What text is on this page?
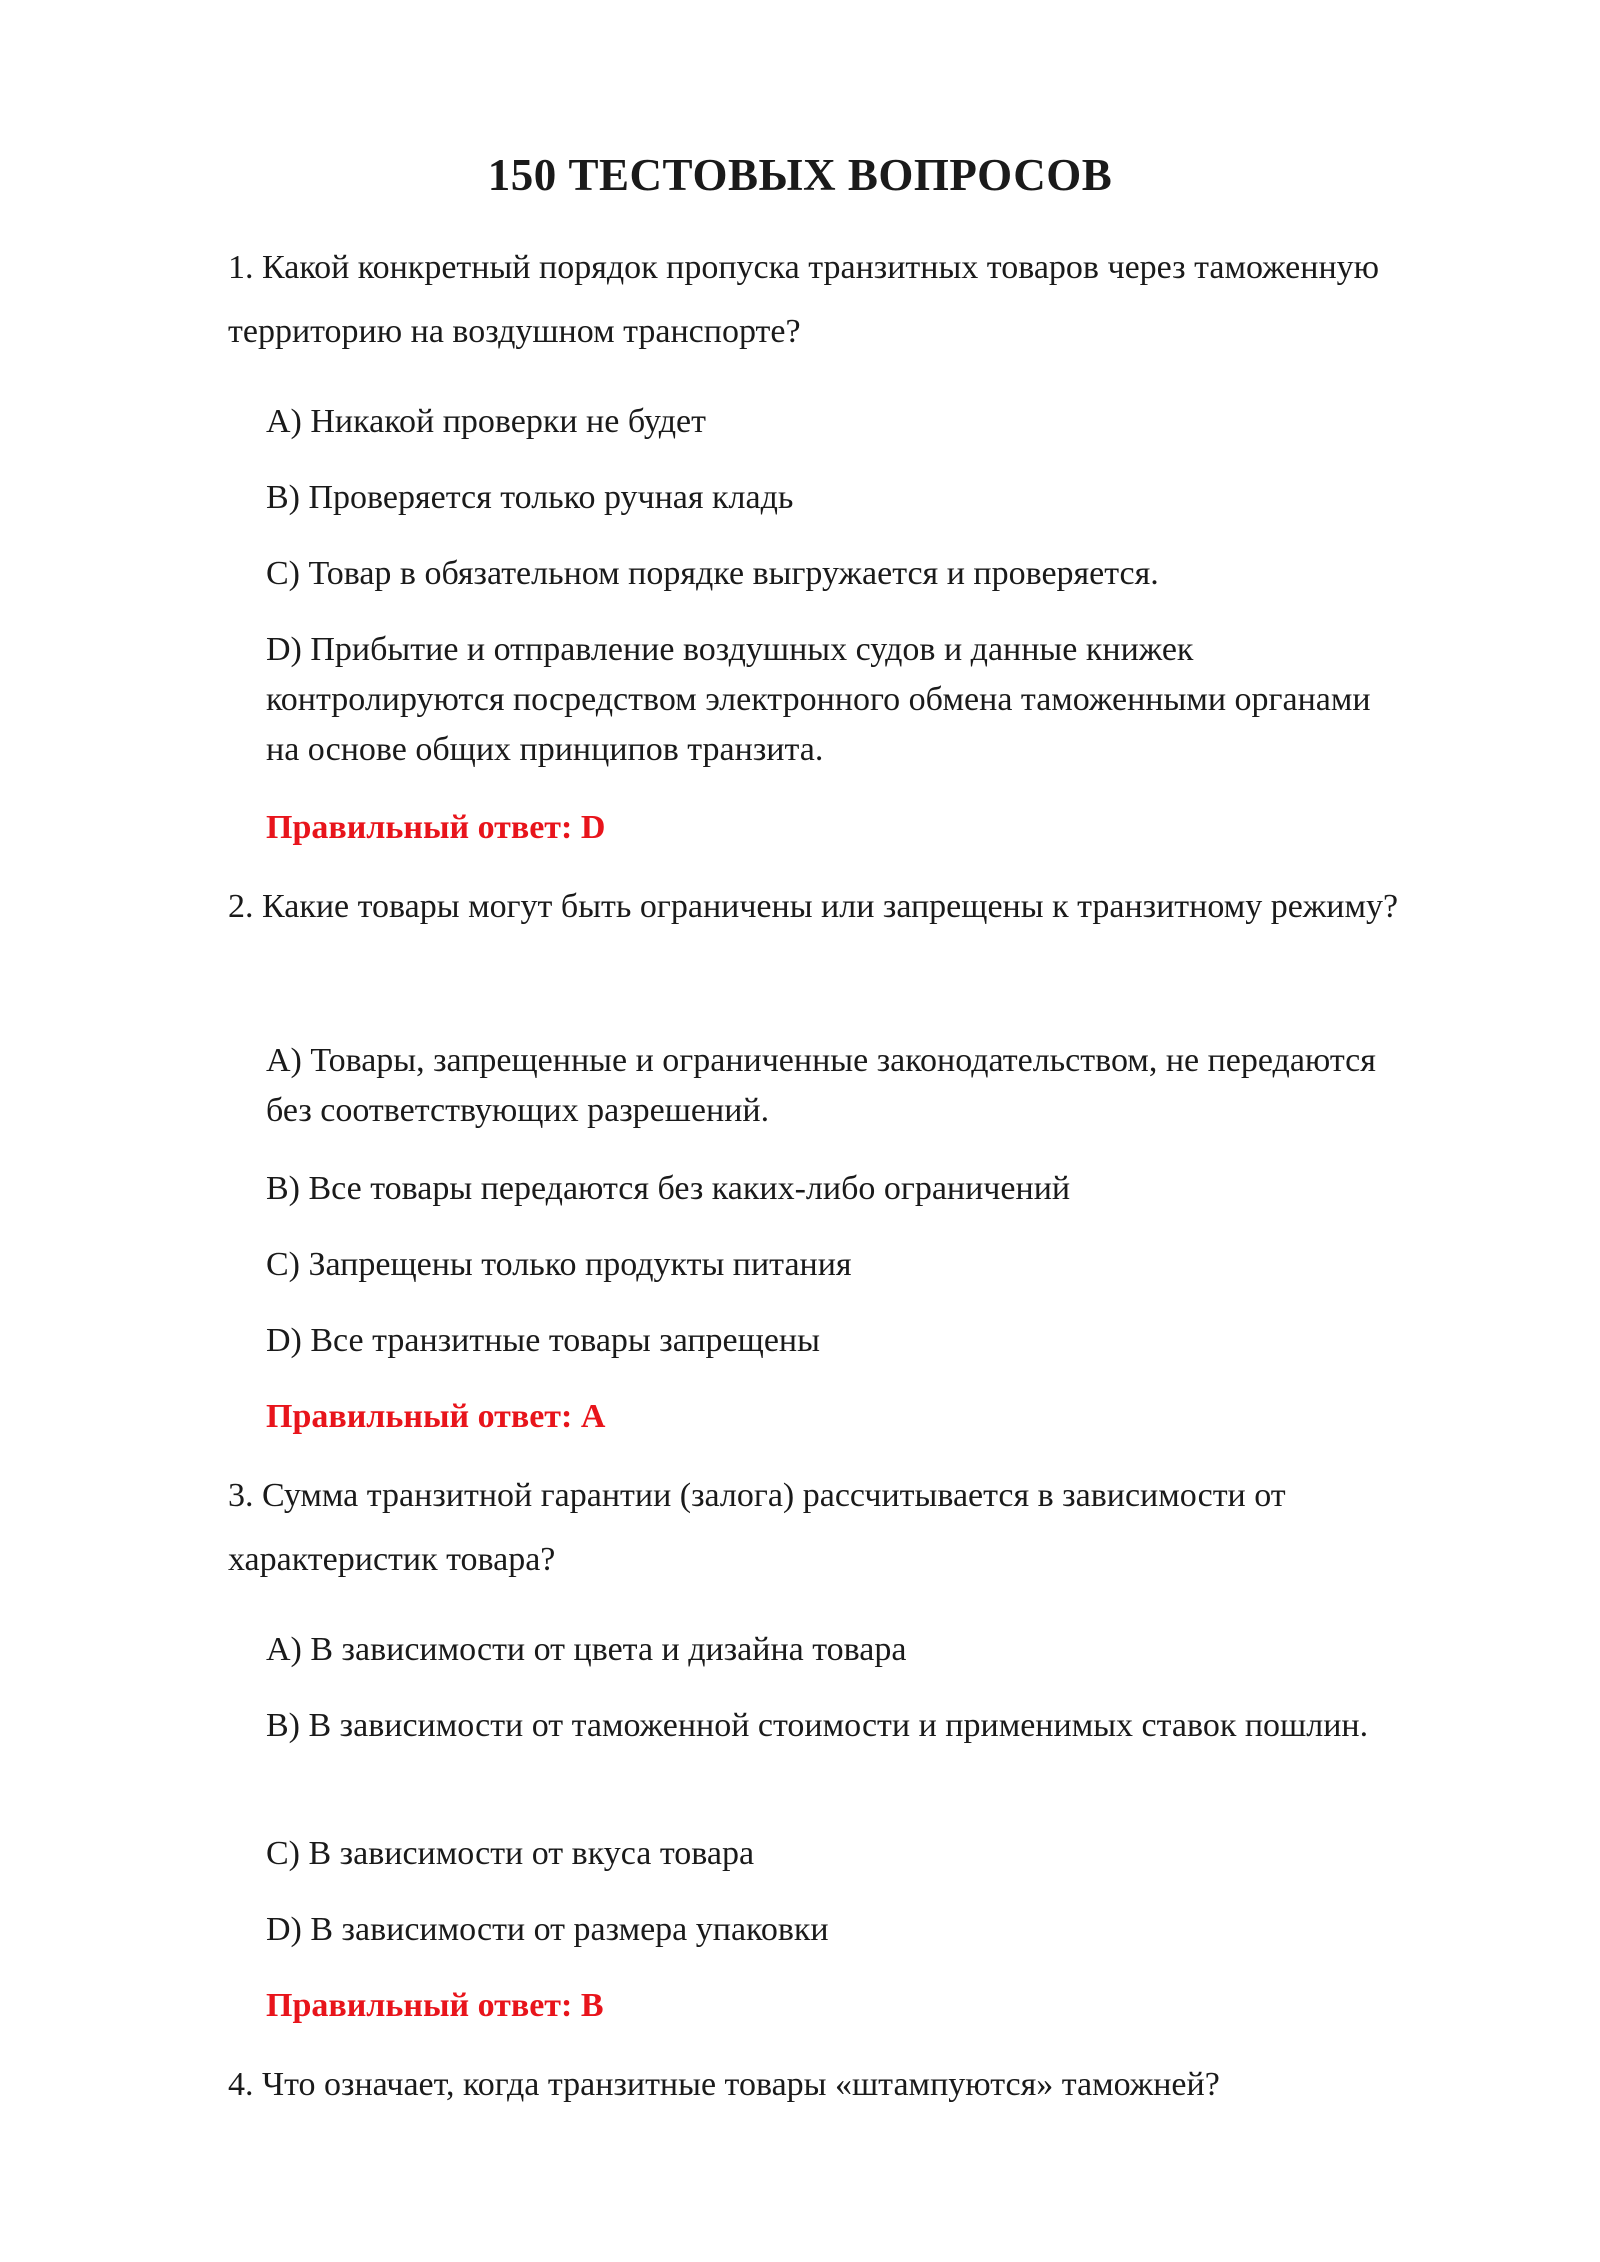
150 ТЕСТОВЫХ ВОПРОСОВ
1. Какой конкретный порядок пропуска транзитных товаров через таможенную территорию на воздушном транспорте?
A) Никакой проверки не будет
B) Проверяется только ручная кладь
C) Товар в обязательном порядке выгружается и проверяется.
D) Прибытие и отправление воздушных судов и данные книжек контролируются посредством электронного обмена таможенными органами на основе общих принципов транзита.
Правильный ответ: D
2. Какие товары могут быть ограничены или запрещены к транзитному режиму?
A) Товары, запрещенные и ограниченные законодательством, не передаются без соответствующих разрешений.
B) Все товары передаются без каких-либо ограничений
C) Запрещены только продукты питания
D) Все транзитные товары запрещены
Правильный ответ: A
3. Сумма транзитной гарантии (залога) рассчитывается в зависимости от характеристик товара?
A) В зависимости от цвета и дизайна товара
B) В зависимости от таможенной стоимости и применимых ставок пошлин.
C) В зависимости от вкуса товара
D) В зависимости от размера упаковки
Правильный ответ: B
4. Что означает, когда транзитные товары «штампуются» таможней?
